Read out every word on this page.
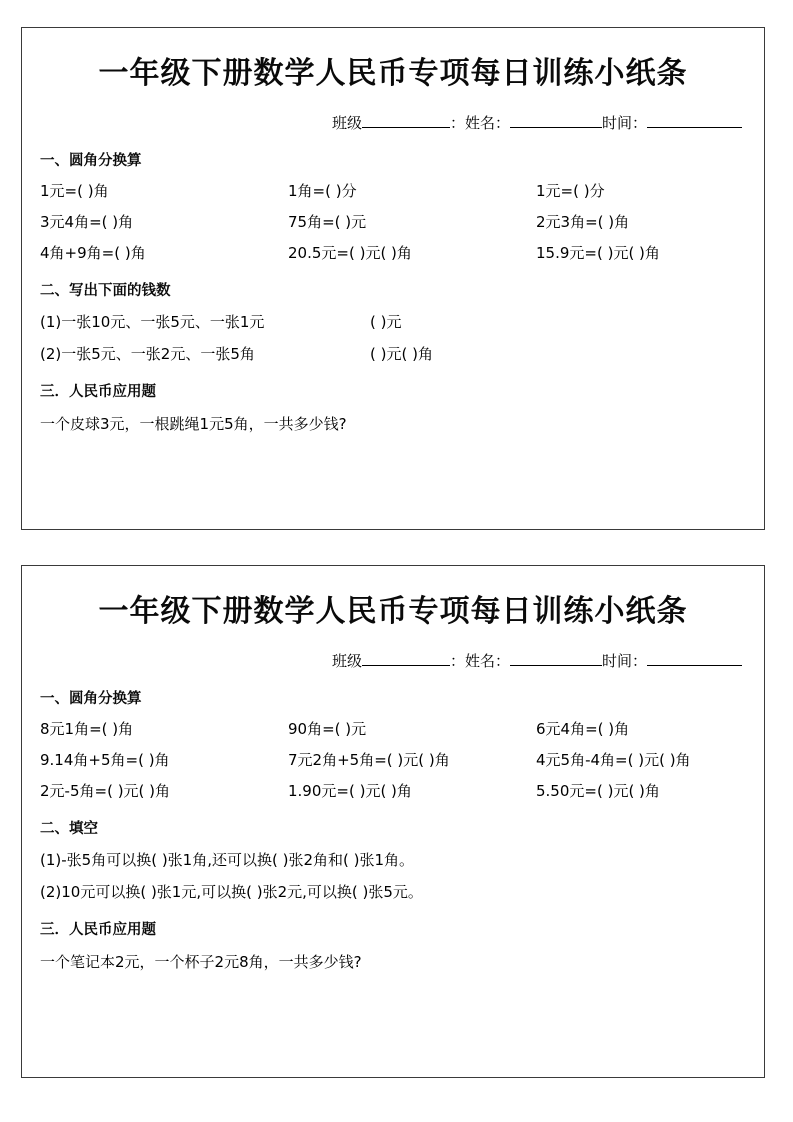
一年级下册数学人民币专项每日训练小纸条
班级	：姓名：	时间：
一、圆角分换算
1元=( )角	1角=( )分	1元=( )分
3元4角=( )角	75角=( )元	2元3角=( )角
4角+9角=( )角	20.5元=( )元( )角	15.9元=( )元( )角
二、写出下面的钱数
(1)一张10元、一张5元、一张1元	( )元
(2)一张5元、一张2元、一张5角	( )元( )角
三．人民币应用题
一个皮球3元，一根跳绳1元5角，一共多少钱?
一年级下册数学人民币专项每日训练小纸条
班级	：姓名：	时间：
一、圆角分换算
8元1角=( )角	90角=( )元	6元4角=( )角
9.14角+5角=( )角	7元2角+5角=( )元( )角	4元5角-4角=( )元( )角
2元-5角=( )元( )角	1.90元=( )元( )角	5.50元=( )元( )角
二、填空
(1)-张5角可以换( )张1角,还可以换( )张2角和( )张1角。
(2)10元可以换( )张1元,可以换( )张2元,可以换( )张5元。
三．人民币应用题
一个笔记本2元，一个杯子2元8角，一共多少钱?
